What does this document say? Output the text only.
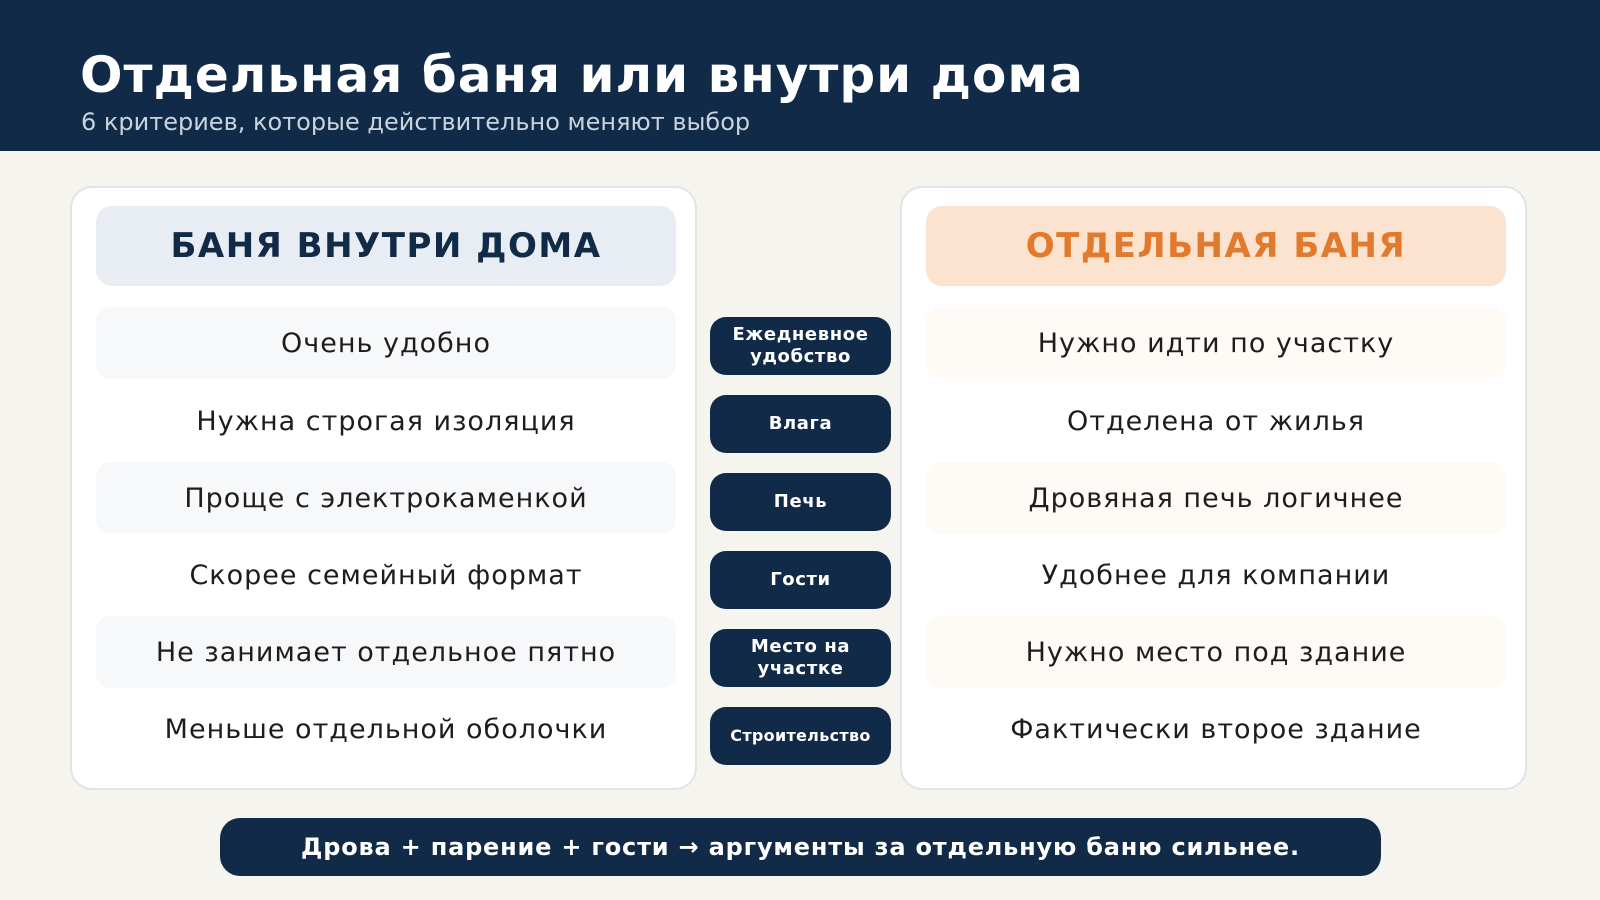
Отдельная баня или внутри дома
6 критериев, которые действительно меняют выбор
БАНЯ ВНУТРИ ДОМА
Очень удобно
Нужна строгая изоляция
Проще с электрокаменкой
Скорее семейный формат
Не занимает отдельное пятно
Меньше отдельной оболочки
Ежедневное удобство
Влага
Печь
Гости
Место на участке
Строительство
ОТДЕЛЬНАЯ БАНЯ
Нужно идти по участку
Отделена от жилья
Дровяная печь логичнее
Удобнее для компании
Нужно место под здание
Фактически второе здание
Дрова + парение + гости → аргументы за отдельную баню сильнее.
